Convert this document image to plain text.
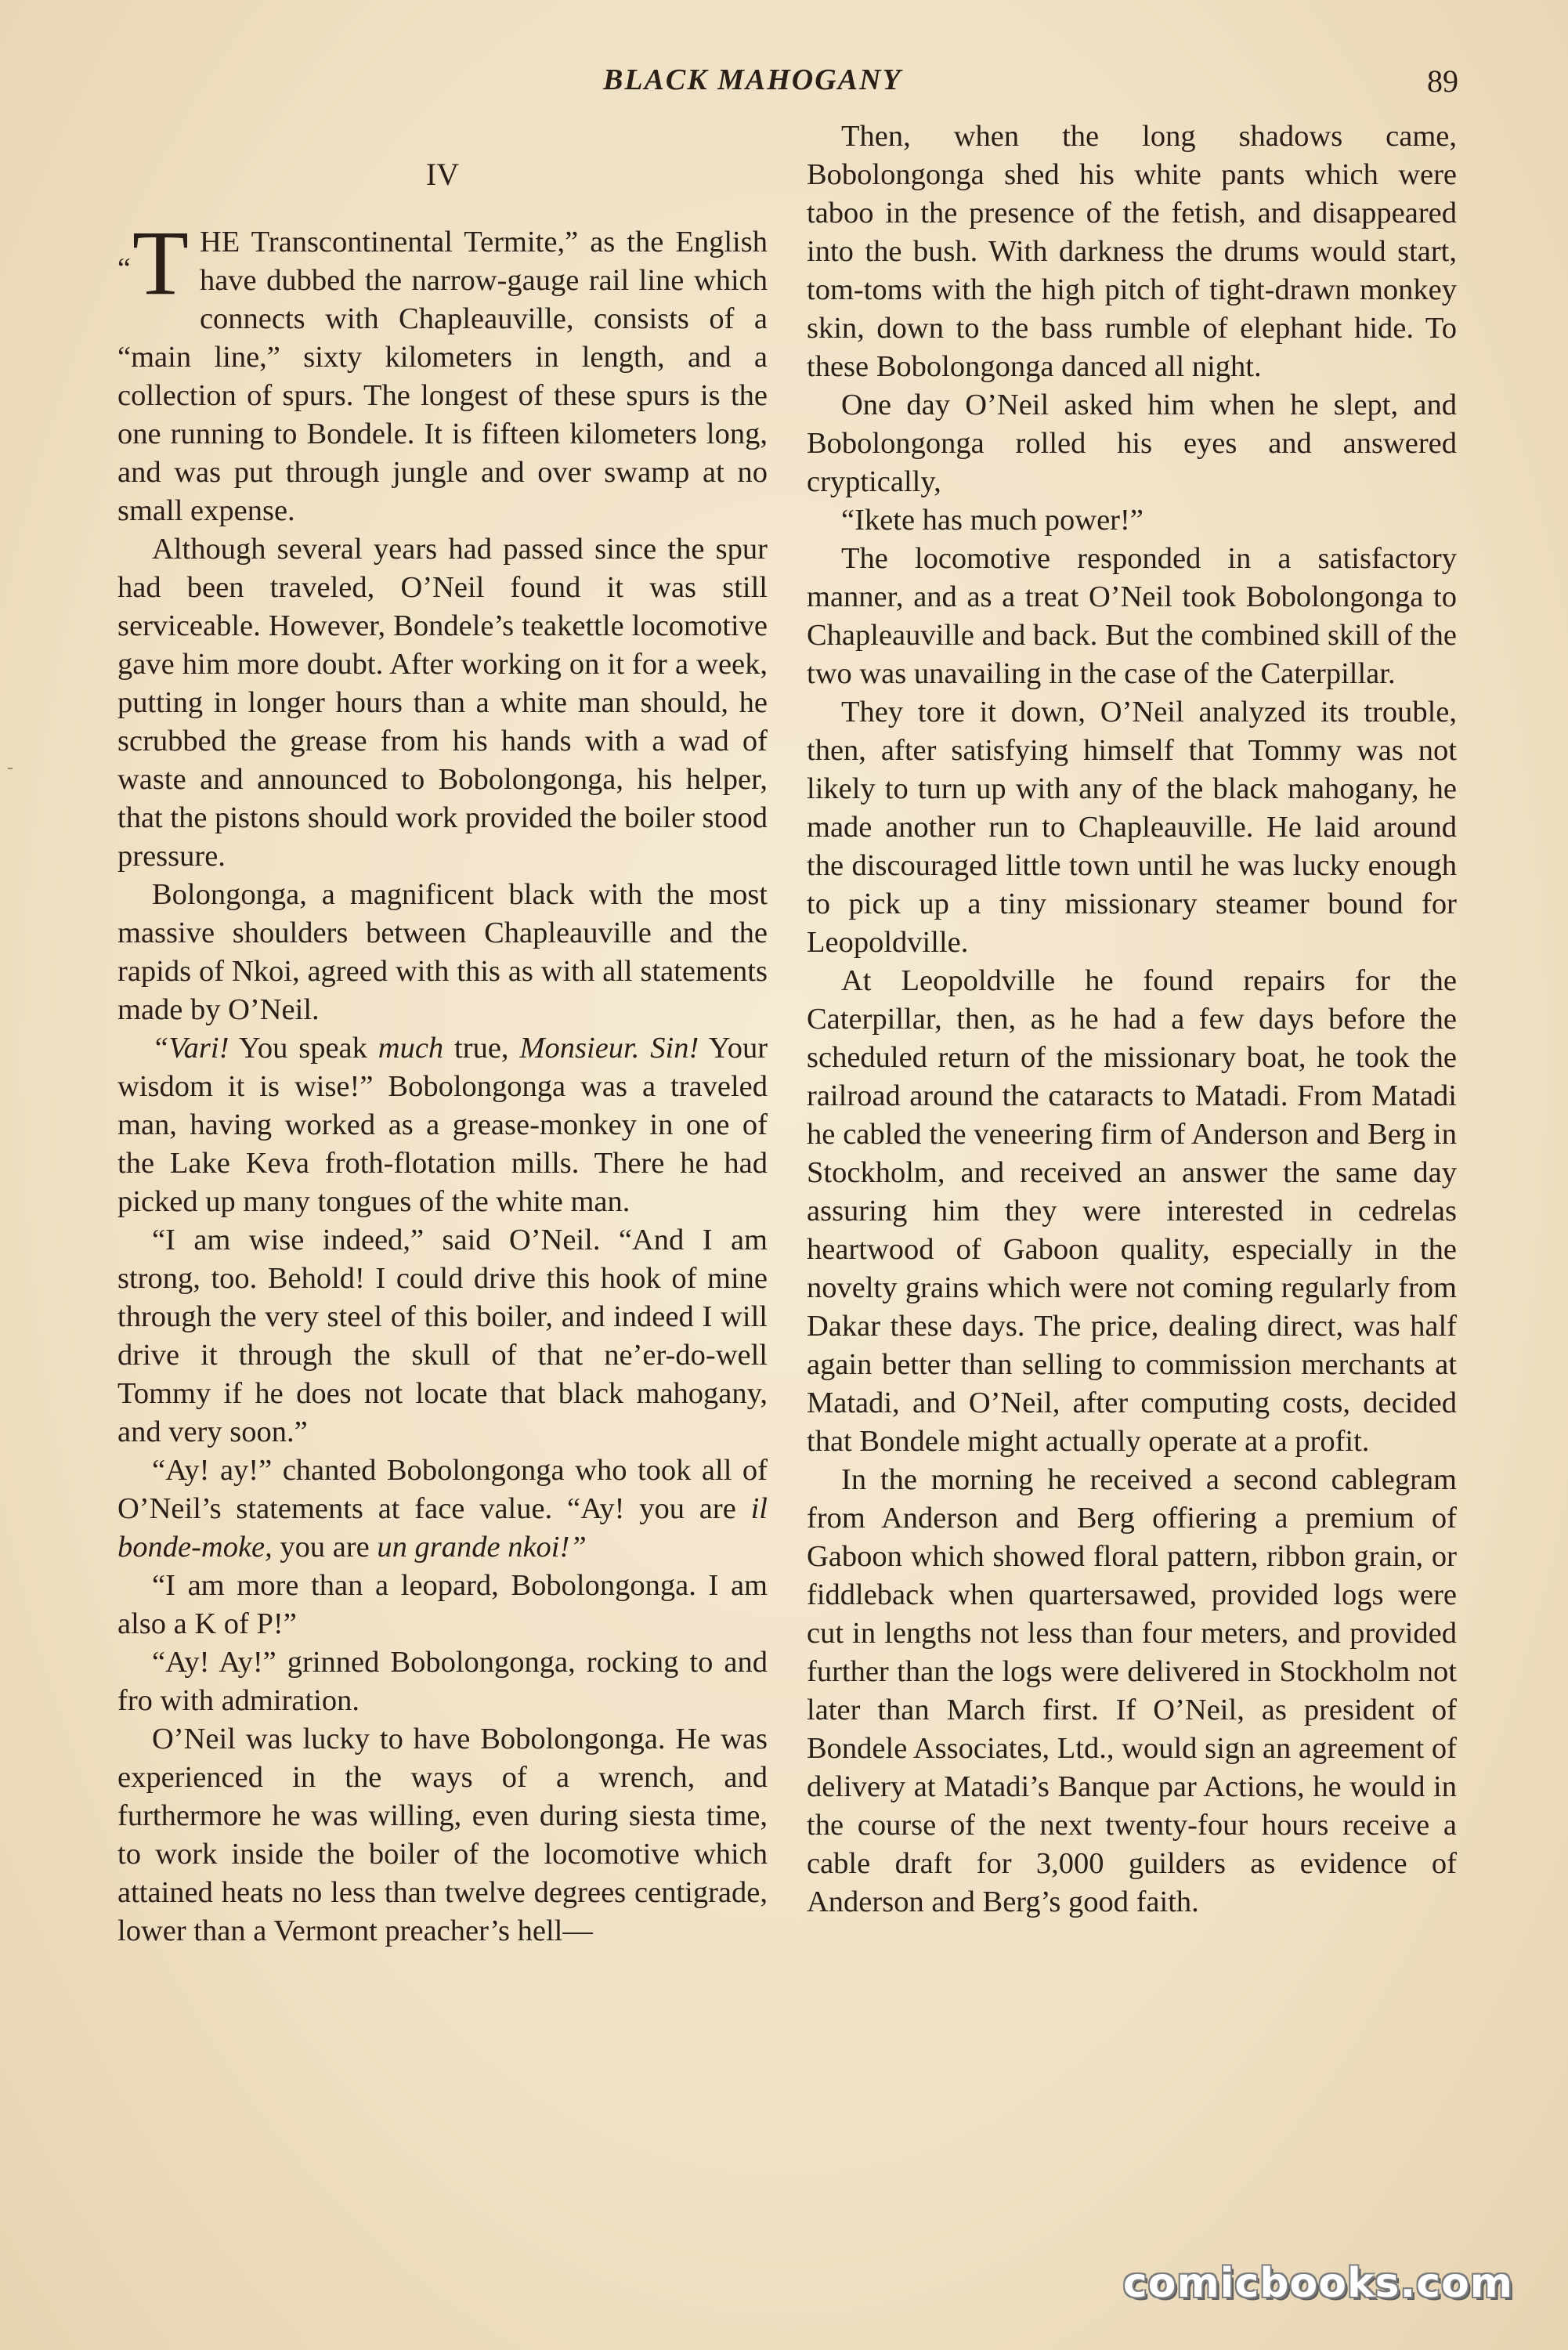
BLACK MAHOGANY	89
IV

“T HE Transcontinental Termite,” as the English have dubbed the narrow-gauge rail line which connects with Chapleauville, consists of a “main line,” sixty kilometers in length, and a collection of spurs. The longest of these spurs is the one running to Bondele. It is fifteen kilometers long, and was put through jungle and over swamp at no small expense.

Although several years had passed since the spur had been traveled, O’Neil found it was still serviceable. However, Bondele’s teakettle locomotive gave him more doubt. After working on it for a week, putting in longer hours than a white man should, he scrubbed the grease from his hands with a wad of waste and announced to Bobolongonga, his helper, that the pistons should work provided the boiler stood pressure.

Bolongonga, a magnificent black with the most massive shoulders between Chapleauville and the rapids of Nkoi, agreed with this as with all statements made by O’Neil.

“Vari! You speak much true, Monsieur. Sin! Your wisdom it is wise!” Bobolongonga was a traveled man, having worked as a grease-monkey in one of the Lake Keva froth-flotation mills. There he had picked up many tongues of the white man.

“I am wise indeed,” said O’Neil. “And I am strong, too. Behold! I could drive this hook of mine through the very steel of this boiler, and indeed I will drive it through the skull of that ne’er-do-well Tommy if he does not locate that black mahogany, and very soon.”

“Ay! ay!” chanted Bobolongonga who took all of O’Neil’s statements at face value. “Ay! you are il bonde-moke, you are un grande nkoi!”

“I am more than a leopard, Bobolongonga. I am also a K of P!”

“Ay! Ay!” grinned Bobolongonga, rocking to and fro with admiration.

O’Neil was lucky to have Bobolongonga. He was experienced in the ways of a wrench, and furthermore he was willing, even during siesta time, to work inside the boiler of the locomotive which attained heats no less than twelve degrees centigrade, lower than a Vermont preacher’s hell—

Then, when the long shadows came, Bobolongonga shed his white pants which were taboo in the presence of the fetish, and disappeared into the bush. With darkness the drums would start, tom-toms with the high pitch of tight-drawn monkey skin, down to the bass rumble of elephant hide. To these Bobolongonga danced all night.

One day O’Neil asked him when he slept, and Bobolongonga rolled his eyes and answered cryptically,

“Ikete has much power!”

The locomotive responded in a satisfactory manner, and as a treat O’Neil took Bobolongonga to Chapleauville and back. But the combined skill of the two was unavailing in the case of the Caterpillar.

They tore it down, O’Neil analyzed its trouble, then, after satisfying himself that Tommy was not likely to turn up with any of the black mahogany, he made another run to Chapleauville. He laid around the discouraged little town until he was lucky enough to pick up a tiny missionary steamer bound for Leopoldville.

At Leopoldville he found repairs for the Caterpillar, then, as he had a few days before the scheduled return of the missionary boat, he took the railroad around the cataracts to Matadi. From Matadi he cabled the veneering firm of Anderson and Berg in Stockholm, and received an answer the same day assuring him they were interested in cedrelas heartwood of Gaboon quality, especially in the novelty grains which were not coming regularly from Dakar these days. The price, dealing direct, was half again better than selling to commission merchants at Matadi, and O’Neil, after computing costs, decided that Bondele might actually operate at a profit.

In the morning he received a second cablegram from Anderson and Berg offiering a premium of Gaboon which showed floral pattern, ribbon grain, or fiddleback when quartersawed, provided logs were cut in lengths not less than four meters, and provided further than the logs were delivered in Stockholm not later than March first. If O’Neil, as president of Bondele Associates, Ltd., would sign an agreement of delivery at Matadi’s Banque par Actions, he would in the course of the next twenty-four hours receive a cable draft for 3,000 guilders as evidence of Anderson and Berg’s good faith.

comicbooks.com
